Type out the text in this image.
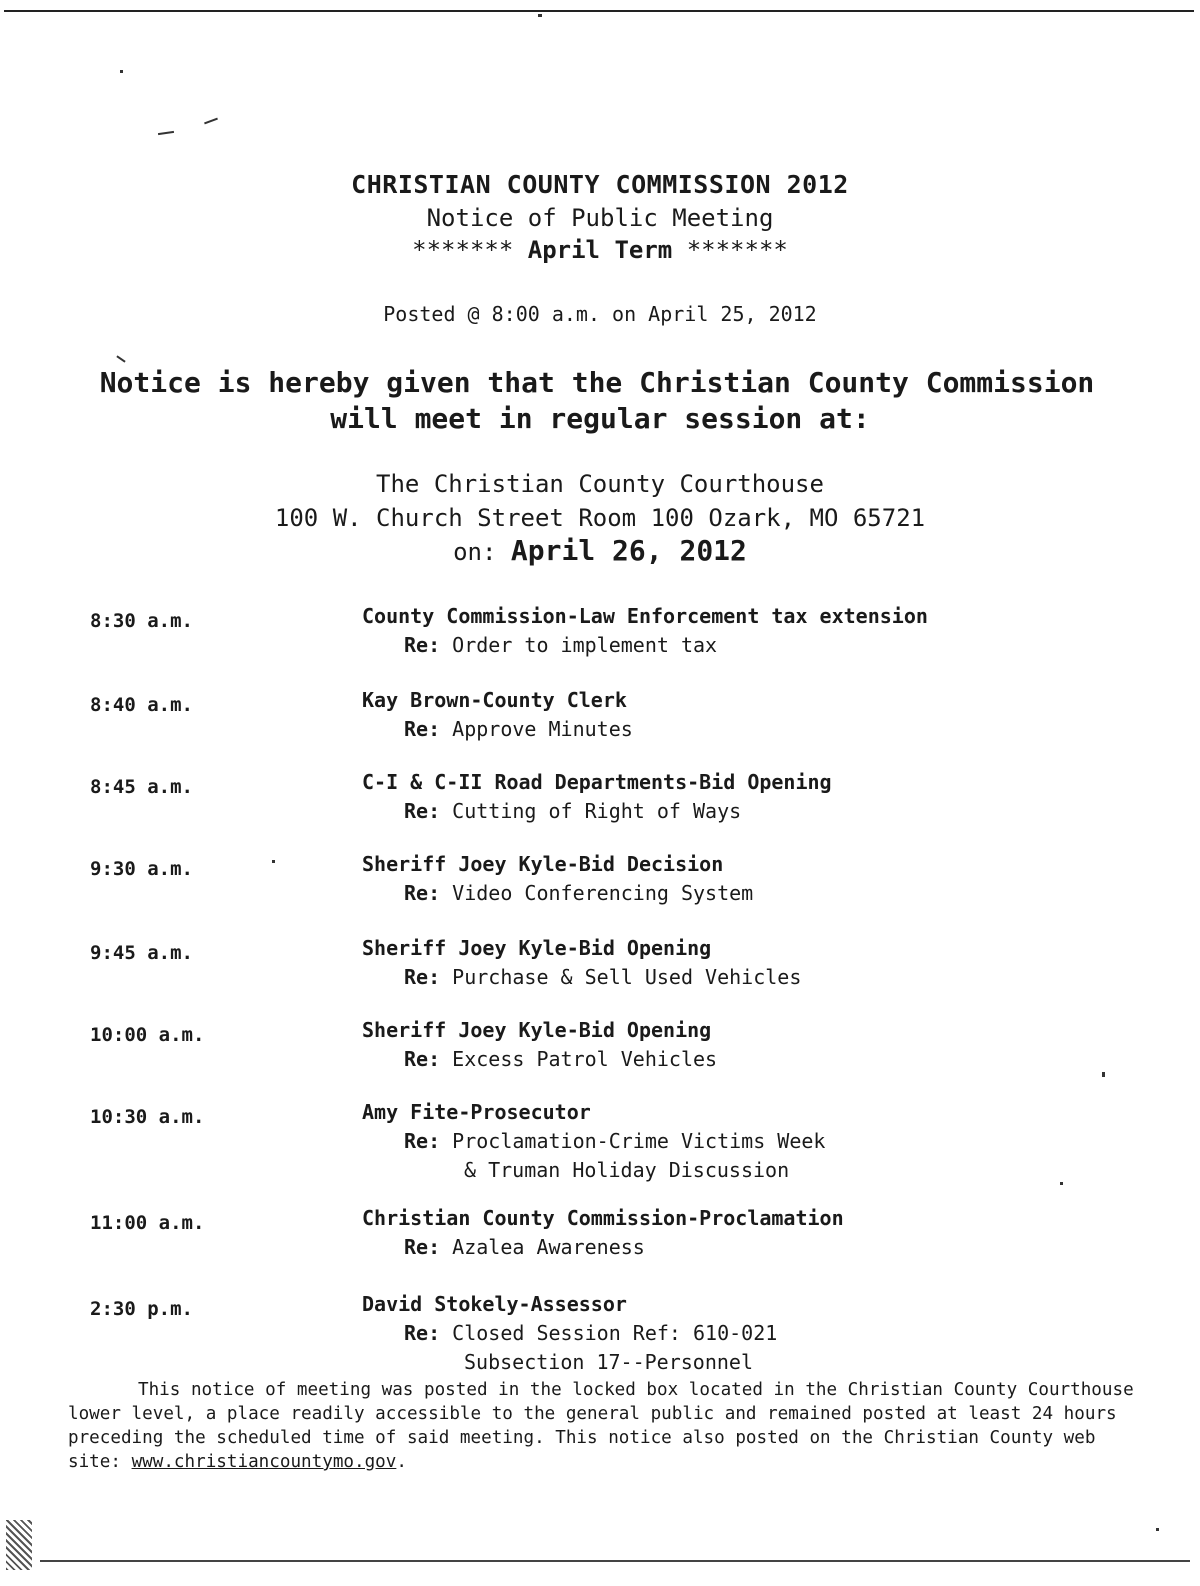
CHRISTIAN COUNTY COMMISSION 2012
Notice of Public Meeting
******* April Term *******
Posted @ 8:00 a.m. on April 25, 2012
Notice is hereby given that the Christian County Commission
will meet in regular session at:
The Christian County Courthouse
100 W. Church Street Room 100 Ozark, MO 65721
on: April 26, 2012
8:30 a.m.	County Commission-Law Enforcement tax extension
Re: Order to implement tax
8:40 a.m.	Kay Brown-County Clerk
Re: Approve Minutes
8:45 a.m.	C-I & C-II Road Departments-Bid Opening
Re: Cutting of Right of Ways
9:30 a.m.	Sheriff Joey Kyle-Bid Decision
Re: Video Conferencing System
9:45 a.m.	Sheriff Joey Kyle-Bid Opening
Re: Purchase & Sell Used Vehicles
10:00 a.m.	Sheriff Joey Kyle-Bid Opening
Re: Excess Patrol Vehicles
10:30 a.m.	Amy Fite-Prosecutor
Re: Proclamation-Crime Victims Week
& Truman Holiday Discussion
11:00 a.m.	Christian County Commission-Proclamation
Re: Azalea Awareness
2:30 p.m.	David Stokely-Assessor
Re: Closed Session Ref: 610-021
Subsection 17--Personnel
This notice of meeting was posted in the locked box located in the Christian County Courthouse
lower level, a place readily accessible to the general public and remained posted at least 24 hours
preceding the scheduled time of said meeting. This notice also posted on the Christian County web
site: www.christiancountymo.gov.
